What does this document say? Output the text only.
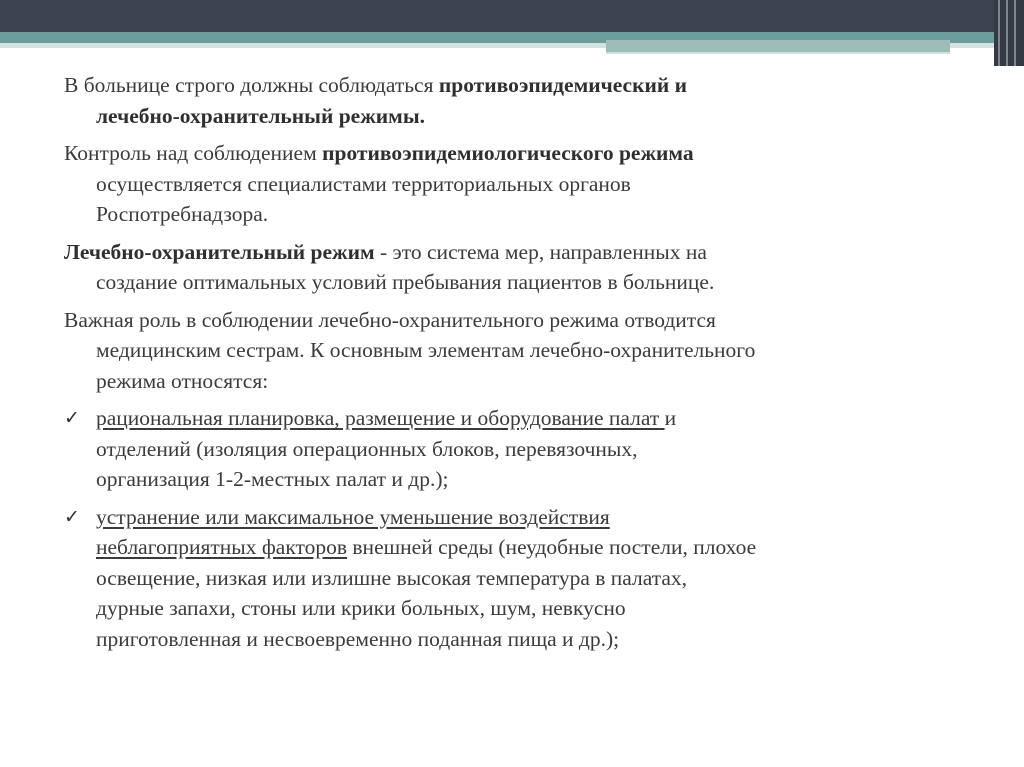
В больнице строго должны соблюдаться противоэпидемический и
лечебно-охранительный режимы.
Контроль над соблюдением противоэпидемиологического режима
осуществляется специалистами территориальных органов
Роспотребнадзора.
Лечебно-охранительный режим - это система мер, направленных на
создание оптимальных условий пребывания пациентов в больнице.
Важная роль в соблюдении лечебно-охранительного режима отводится
медицинским сестрам. К основным элементам лечебно-охранительного
режима относятся:
✓ рациональная планировка, размещение и оборудование палат и
отделений (изоляция операционных блоков, перевязочных,
организация 1-2-местных палат и др.);
✓ устранение или максимальное уменьшение воздействия
неблагоприятных факторов внешней среды (неудобные постели, плохое
освещение, низкая или излишне высокая температура в палатах,
дурные запахи, стоны или крики больных, шум, невкусно
приготовленная и несвоевременно поданная пища и др.);
